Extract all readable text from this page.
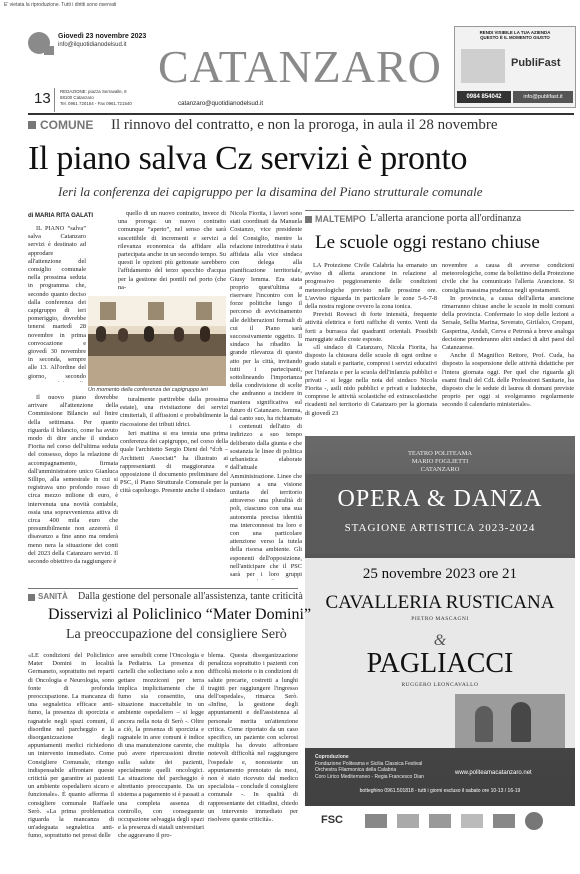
E' vietata la riproduzione. Tutti i diritti sono riservati
Giovedì 23 novembre 2023
info@ilquotidianodelsud.it
13 REDAZIONE: piazza Serravalle, 8
88100 Catanzaro
Tel. 0961 720164 - Fax 0961.721540
CATANZARO
catanzaro@quotidianodelsud.it
RENDI VISIBILE LA TUA AZIENDA
QUESTO È IL MOMENTO GIUSTO
PubliFast
0984 854042	info@publifast.it
COMUNE Il rinnovo del contratto, e non la proroga, in aula il 28 novembre
Il piano salva Cz servizi è pronto
Ieri la conferenza dei capigruppo per la disamina del Piano strutturale comunale
di MARIA RITA GALATI

IL PIANO “salva” salva Catanzaro servizi è destinato ad approdare all'attenzione del consiglio comunale nella prossima seduta in programma che, secondo quanto deciso dalla conferenza dei capigruppo di ieri pomeriggio, dovrebbe tenersi martedì 28 novembre in prima convocazione e giovedì 30 novembre in seconda, sempre alle 13. All'ordine del giorno, secondo

Il nuovo piano dovrebbe arrivare all'attenzione della Commissione Bilancio sul finire della settimana. Per quanto riguarda il bilancio, come ha avuto modo di dire anche il sindaco Fiorita nel corso dell'ultima seduta del consesso, dopo la relazione di accompagnamento, firmata dall'amministratore unico Gianluca Sillipo, alla semestrale in cui si registrava uno profondo rosso di circa mezzo milione di euro, è intervenuta una novità contabile, ossia una sopravvenienza attiva di circa 400 mila euro che presumibilmente non azzererà il disavanzo a fine anno ma renderà meno nera la situazione dei conti del 2023 della Catanzaro servizi. Il secondo obiettivo da raggiungere è

Un momento della conferenza dei capigruppo ieri

quello di un nuovo contratto, invece di una proroga: un nuovo contratto comunque “aperto”, nel senso che sarà suscettibile di incrementi e servizi a rilevanza economica da affidare alla partecipata anche in un secondo tempo. Su questi le opzioni più gettonate sarebbero l'affidamento del terzo specchio d'acqua per la gestione dei pontili nel porto (che na-

turalmente partirebbe dalla prossima estate), una rivisitazione dei servizi cimiteriali, il affissioni e probabilmente la riscossione dei tributi idrici.

Ieri mattina si era tenuta una prima conferenza dei capigruppo, nel corso della quale l'architetto Sergio Dieni del “d:rh – Architetti Associati” ha illustrato ai rappresentanti di maggioranza e opposizione il documento preliminare del PSC, il Piano Strutturale Comunale per la città capoluogo. Presente anche il sindaco

Nicola Fiorita, i lavori sono stati coordinati da Manuela Costanzo, vice presidente del Consiglio, mentre la relazione introduttiva è stata affidata alla vice sindaca con delega alla pianificazione territoriale, Giusy Iemma. Era stata proprio quest'ultima a riservare l'incontro con le forze politiche lungo il percorso di avvicinamento alle deliberazioni formali di cui il Piano sarà successivamente oggetto. Il sindaco ha ribadito la grande rilevanza di questo atto per la città, invitando tutti i partecipanti, sottolineando l'importanza della condivisione di scelte che andranno a incidere in maniera significativa sul futuro di Catanzaro. Iemma, dal canto suo, ha richiamato i contenuti dell'atto di indirizzo a suo tempo deliberato dalla giunta e che sostanzia le linee di politica urbanistica elaborate dall'attuale Amministrazione. Linee che puntano a una visione unitaria del territorio attraverso una pluralità di poli, ciascuno con una sua autonomia precisa identità ma interconnessi tra loro e con una particolare attenzione verso la tutela della risorsa ambiente. Gli esponenti dell'opposizione, nell'anticipare che il PSC sarà per i loro gruppi

MALTEMPO L'allerta arancione porta all'ordinanza
Le scuole oggi restano chiuse

LA Protezione Civile Calabria ha emanato un avviso di allerta arancione in relazione al progressivo peggioramento delle condizioni meteorologiche previsto nelle prossime ore. L'avviso riguarda in particolare le zone 5-6-7-8 della nostra regione ovvero la zona ionica.

Previsti Rovesci di forte intensità, frequente attività elettrica e forti raffiche di vento. Venti da forti a burrasca dai quadranti orientali. Possibili mareggiate sulle coste esposte.

«Il sindaco di Catanzaro, Nicola Fiorita, ha disposto la chiusura delle scuole di ogni ordine e grado statali e paritarie, compresi i servizi educativi per l'infanzia e per la scuola dell'infanzia pubblici e privati - si legge nella nota del sindaco Nicola Fiorita -, asili nido pubblici e privati e ludoteche, comprese le attività scolastiche ed extrascolastiche ricadenti nel territorio di Catanzaro per la giornata di giovedì 23

novembre a causa di avverse condizioni meteorologiche, come da bollettino della Protezione civile che ha comunicato l'allerta Arancione. Si consiglia massima prudenza negli spostamenti.

In provincia, a causa dell'allerta arancione rimarranno chiuse anche le scuole in molti comuni della provincia. Confermato lo stop delle lezioni a Sersale, Sellia Marina, Soverato, Girifalco, Cropani, Gasperina, Andali, Cerva e Petronà a breve analoga decisione prenderanno altri sindaci di altri paesi del Catanzarese.

Anche il Magnifico Rettore, Prof. Cuda, ha disposto la sospensione delle attività didattiche per l'intera giornata oggi. Per quel che riguarda gli esami finali del CdL delle Professioni Sanitarie, ha disposto che le sedute di laurea di domani previste proprio per oggi si svolgeranno regolarmente secondo il calendario ministeriale».

TEATRO POLITEAMA
MARIO FOGLIETTI
CATANZARO
OPERA & DANZA
STAGIONE ARTISTICA 2023-2024
25 novembre 2023 ore 21
CAVALLERIA RUSTICANA
PIETRO MASCAGNI
&
PAGLIACCI
RUGGERO LEONCAVALLO
Coproduzione
Fondazione Politeama e Sicilia Classica Festival
Orchestra Filarmonica della Calabria
Coro Lirico Mediterraneo - Regia Francesco Dian
www.politeamacatanzaro.net
botteghino 0961.501818 - tutti i giorni escluso il sabato ore 10-13 / 16-19
FSC
SANITÀ Dalla gestione del personale all'assistenza, tante criticità
Disservizi al Policlinico “Mater Domini”
La preoccupazione del consigliere Serò

«LE condizioni del Policlinico Mater Domini in località Germaneto, soprattutto nei reparti di Oncologia e Neurologia, sono fonte di profonda preoccupazione. La mancanza di una segnaletica efficace anti-fumo, la presenza di sporcizia e ragnatele negli spazi comuni, il disordine nel parcheggio e la disorganizzazione degli appuntamenti medici richiedono un intervento immediato. Come Consigliere Comunale, ritengo indispensabile affrontare queste criticità per garantire ai pazienti un ambiente ospedaliero sicuro e funzionale». È quanto afferma il consigliere comunale Raffaele Serò. «La prima problematica riguarda la mancanza di un'adeguata segnaletica anti-fumo, soprattutto nei pressi delle

aree sensibili come l'Oncologia e la Pediatria. La presenza di cartelli che sollecitano solo a non gettare mozziconi per terra implica implicitamente che il fumo sia consentito, una situazione inaccettabile in un ambiente ospedaliero – si legge ancora nella nota di Serò -. Oltre a ciò, la presenza di sporcizia e ragnatele in aree comuni è indice di una manutenzione carente, che può avere ripercussioni dirette sulla salute dei pazienti, specialmente quelli oncologici. La situazione del parcheggio è altrettanto preoccupante. Da un sistema a pagamento si è passati a una completa assenza di controllo, con conseguente occupazione selvaggia degli spazi e la presenza di statali universitari che aggravano il pro-

blema. Questa disorganizzazione penalizza soprattutto i pazienti con difficoltà motorie o in condizioni di salute precarie, costretti a lunghi tragitti per raggiungere l'ingresso dell'ospedale», rimarca Serò. «Infine, la gestione degli appuntamenti e dell'assistenza al personale merita un'attenzione critica. Come riportato da un caso specifico, un paziente con sclerosi multipla ha dovuto affrontare notevoli difficoltà nel raggiungere l'ospedale e, nonostante un appuntamento prenotato da mesi, non è stato ricevuto dal medico specialista – conclude il consigliere comunale -. In qualità di rappresentante dei cittadini, chiedo un intervento immediato per risolvere queste criticità».
